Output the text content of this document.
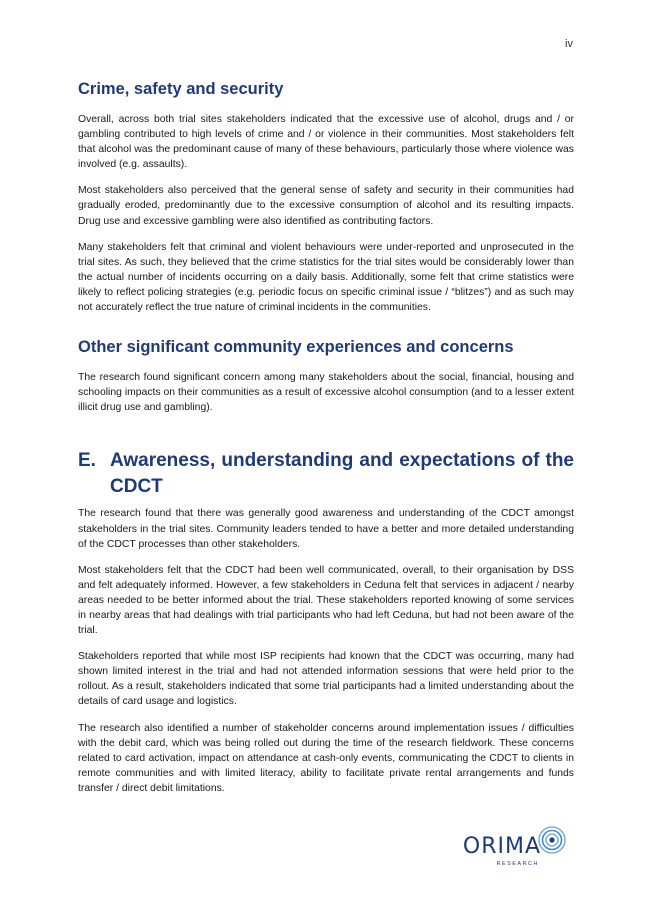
iv
Crime, safety and security

Overall, across both trial sites stakeholders indicated that the excessive use of alcohol, drugs and / or gambling contributed to high levels of crime and / or violence in their communities. Most stakeholders felt that alcohol was the predominant cause of many of these behaviours, particularly those where violence was involved (e.g. assaults).

Most stakeholders also perceived that the general sense of safety and security in their communities had gradually eroded, predominantly due to the excessive consumption of alcohol and its resulting impacts. Drug use and excessive gambling were also identified as contributing factors.

Many stakeholders felt that criminal and violent behaviours were under-reported and unprosecuted in the trial sites. As such, they believed that the crime statistics for the trial sites would be considerably lower than the actual number of incidents occurring on a daily basis. Additionally, some felt that crime statistics were likely to reflect policing strategies (e.g. periodic focus on specific criminal issue / “blitzes”) and as such may not accurately reflect the true nature of criminal incidents in the communities.

Other significant community experiences and concerns

The research found significant concern among many stakeholders about the social, financial, housing and schooling impacts on their communities as a result of excessive alcohol consumption (and to a lesser extent illicit drug use and gambling).

E. Awareness, understanding and expectations of the CDCT

The research found that there was generally good awareness and understanding of the CDCT amongst stakeholders in the trial sites. Community leaders tended to have a better and more detailed understanding of the CDCT processes than other stakeholders.

Most stakeholders felt that the CDCT had been well communicated, overall, to their organisation by DSS and felt adequately informed. However, a few stakeholders in Ceduna felt that services in adjacent / nearby areas needed to be better informed about the trial. These stakeholders reported knowing of some services in nearby areas that had dealings with trial participants who had left Ceduna, but had not been aware of the trial.

Stakeholders reported that while most ISP recipients had known that the CDCT was occurring, many had shown limited interest in the trial and had not attended information sessions that were held prior to the rollout. As a result, stakeholders indicated that some trial participants had a limited understanding about the details of card usage and logistics.

The research also identified a number of stakeholder concerns around implementation issues / difficulties with the debit card, which was being rolled out during the time of the research fieldwork. These concerns related to card activation, impact on attendance at cash-only events, communicating the CDCT to clients in remote communities and with limited literacy, ability to facilitate private rental arrangements and funds transfer / direct debit limitations.

ORIMA
RESEARCH
